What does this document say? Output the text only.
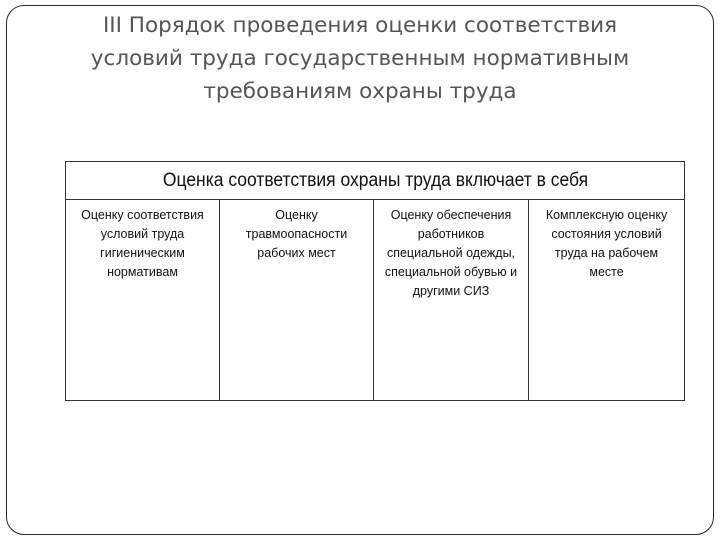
III Порядок проведения оценки соответствия
условий труда государственным нормативным
требованиям охраны труда
Оценка соответствия охраны труда включает в себя

Оценку соответствия
условий труда
гигиеническим
нормативам

Оценку
травмоопасности
рабочих мест

Оценку обеспечения
работников
специальной одежды,
специальной обувью и
другими СИЗ

Комплексную оценку
состояния условий
труда на рабочем
месте
